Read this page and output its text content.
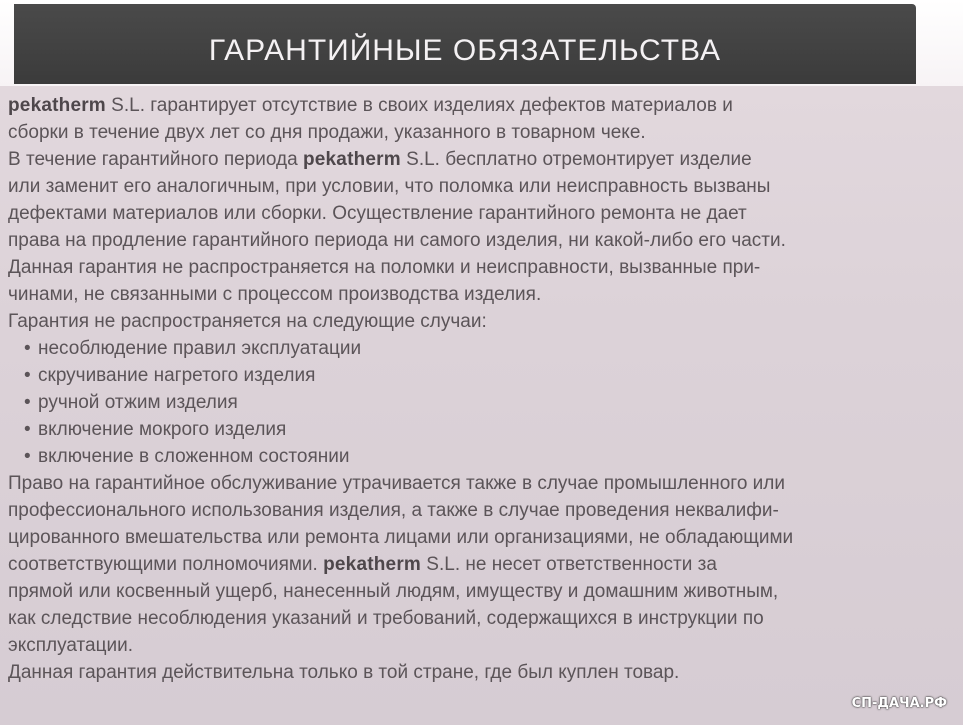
ГАРАНТИЙНЫЕ ОБЯЗАТЕЛЬСТВА
pekatherm S.L. гарантирует отсутствие в своих изделиях дефектов материалов и
сборки в течение двух лет со дня продажи, указанного в товарном чеке.
В течение гарантийного периода pekatherm S.L. бесплатно отремонтирует изделие
или заменит его аналогичным, при условии, что поломка или неисправность вызваны
дефектами материалов или сборки. Осуществление гарантийного ремонта не дает
права на продление гарантийного периода ни самого изделия, ни какой-либо его части.
Данная гарантия не распространяется на поломки и неисправности, вызванные при-
чинами, не связанными с процессом производства изделия.
Гарантия не распространяется на следующие случаи:
• несоблюдение правил эксплуатации
• скручивание нагретого изделия
• ручной отжим изделия
• включение мокрого изделия
• включение в сложенном состоянии
Право на гарантийное обслуживание утрачивается также в случае промышленного или
профессионального использования изделия, а также в случае проведения неквалифи-
цированного вмешательства или ремонта лицами или организациями, не обладающими
соответствующими полномочиями. pekatherm S.L. не несет ответственности за
прямой или косвенный ущерб, нанесенный людям, имуществу и домашним животным,
как следствие несоблюдения указаний и требований, содержащихся в инструкции по
эксплуатации.
Данная гарантия действительна только в той стране, где был куплен товар.
СП-ДАЧА.РФ
